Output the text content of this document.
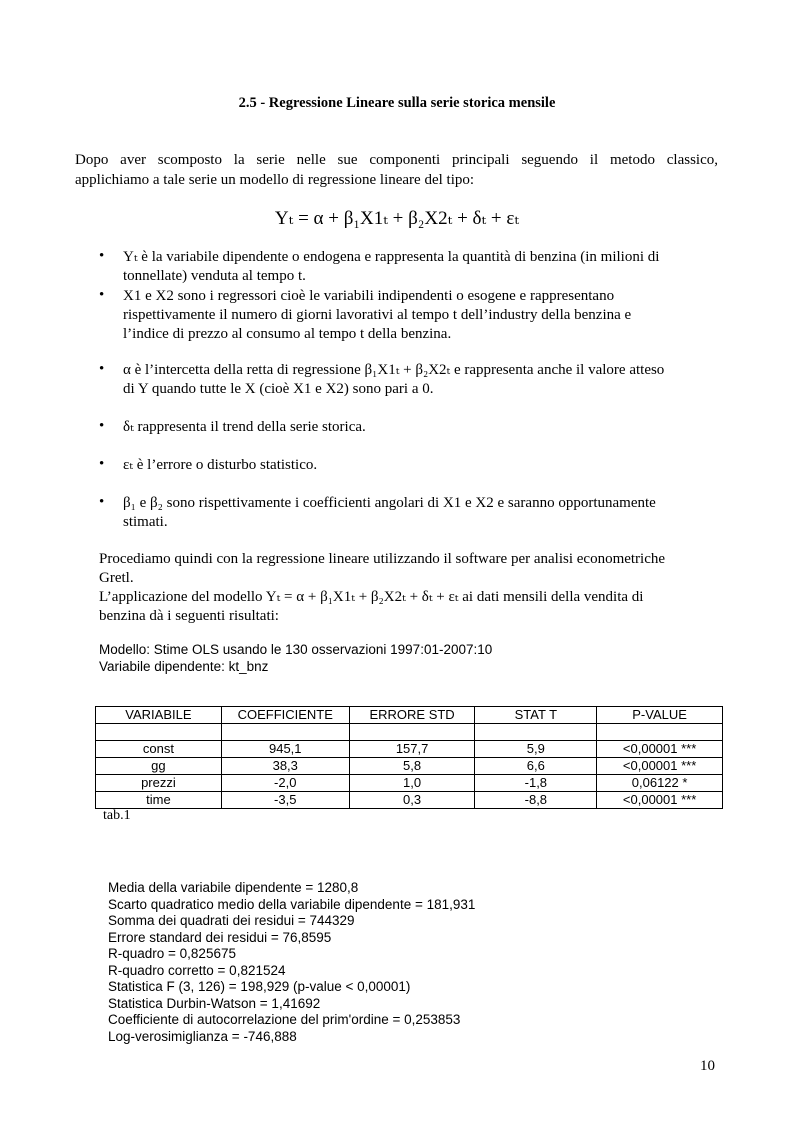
2.5 - Regressione Lineare sulla serie storica mensile
Dopo aver scomposto la serie nelle sue componenti principali seguendo il metodo classico,
applichiamo a tale serie un modello di regressione lineare del tipo:
Yₜ = α + β₁X1ₜ + β₂X2ₜ + δₜ + εₜ
• Yₜ è la variabile dipendente o endogena e rappresenta la quantità di benzina (in milioni di
tonnellate) venduta al tempo t.
• X1 e X2 sono i regressori cioè le variabili indipendenti o esogene e rappresentano
rispettivamente il numero di giorni lavorativi al tempo t dell’industry della benzina e
l’indice di prezzo al consumo al tempo t della benzina.
• α è l’intercetta della retta di regressione β₁X1ₜ + β₂X2ₜ e rappresenta anche il valore atteso
di Y quando tutte le X (cioè X1 e X2) sono pari a 0.
• δₜ rappresenta il trend della serie storica.
• εₜ è l’errore o disturbo statistico.
• β₁ e β₂ sono rispettivamente i coefficienti angolari di X1 e X2 e saranno opportunamente
stimati.
Procediamo quindi con la regressione lineare utilizzando il software per analisi econometriche
Gretl.
L’applicazione del modello Yₜ = α + β₁X1ₜ + β₂X2ₜ + δₜ + εₜ ai dati mensili della vendita di
benzina dà i seguenti risultati:
Modello: Stime OLS usando le 130 osservazioni 1997:01-2007:10
Variabile dipendente: kt_bnz
VARIABILE	COEFFICIENTE	ERRORE STD	STAT T	P-VALUE

const	945,1	157,7	5,9	<0,00001 ***
gg	38,3	5,8	6,6	<0,00001 ***
prezzi	-2,0	1,0	-1,8	0,06122 *
time	-3,5	0,3	-8,8	<0,00001 ***
tab.1
Media della variabile dipendente = 1280,8
Scarto quadratico medio della variabile dipendente = 181,931
Somma dei quadrati dei residui = 744329
Errore standard dei residui = 76,8595
R-quadro = 0,825675
R-quadro corretto = 0,821524
Statistica F (3, 126) = 198,929 (p-value < 0,00001)
Statistica Durbin-Watson = 1,41692
Coefficiente di autocorrelazione del prim'ordine = 0,253853
Log-verosimiglianza = -746,888
10
